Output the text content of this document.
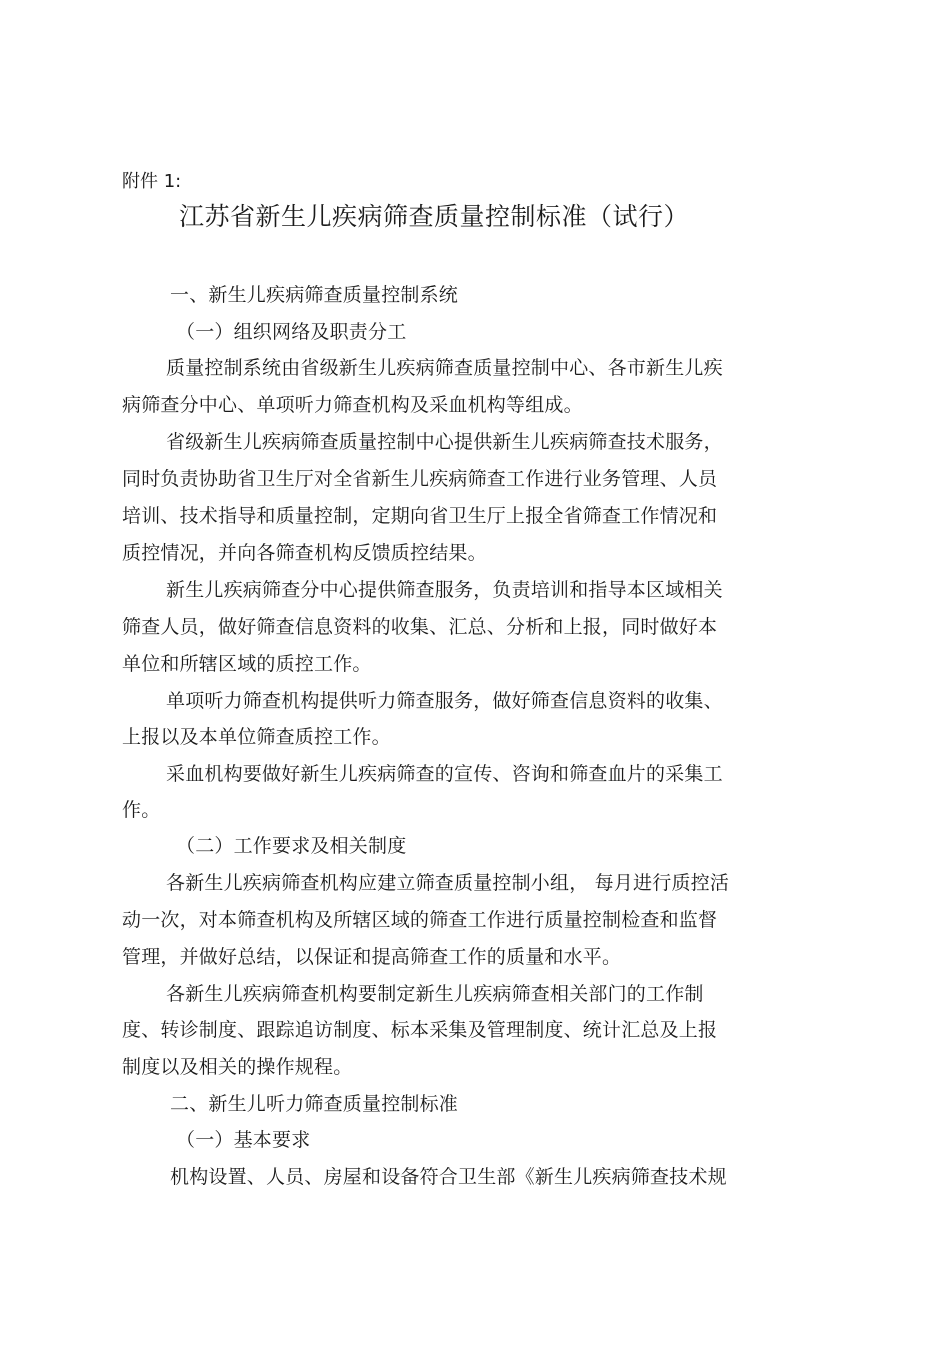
附件 1:
江苏省新生儿疾病筛查质量控制标准（试行）
一、新生儿疾病筛查质量控制系统
（一）组织网络及职责分工
质量控制系统由省级新生儿疾病筛查质量控制中心、各市新生儿疾
病筛查分中心、单项听力筛查机构及采血机构等组成。
省级新生儿疾病筛查质量控制中心提供新生儿疾病筛查技术服务，
同时负责协助省卫生厅对全省新生儿疾病筛查工作进行业务管理、人员
培训、技术指导和质量控制，定期向省卫生厅上报全省筛查工作情况和
质控情况，并向各筛查机构反馈质控结果。
新生儿疾病筛查分中心提供筛查服务，负责培训和指导本区域相关
筛查人员，做好筛查信息资料的收集、汇总、分析和上报，同时做好本
单位和所辖区域的质控工作。
单项听力筛查机构提供听力筛查服务，做好筛查信息资料的收集、
上报以及本单位筛查质控工作。
采血机构要做好新生儿疾病筛查的宣传、咨询和筛查血片的采集工
作。
（二）工作要求及相关制度
各新生儿疾病筛查机构应建立筛查质量控制小组， 每月进行质控活
动一次，对本筛查机构及所辖区域的筛查工作进行质量控制检查和监督
管理，并做好总结，以保证和提高筛查工作的质量和水平。
各新生儿疾病筛查机构要制定新生儿疾病筛查相关部门的工作制
度、转诊制度、跟踪追访制度、标本采集及管理制度、统计汇总及上报
制度以及相关的操作规程。
二、新生儿听力筛查质量控制标准
（一）基本要求
机构设置、人员、房屋和设备符合卫生部《新生儿疾病筛查技术规
